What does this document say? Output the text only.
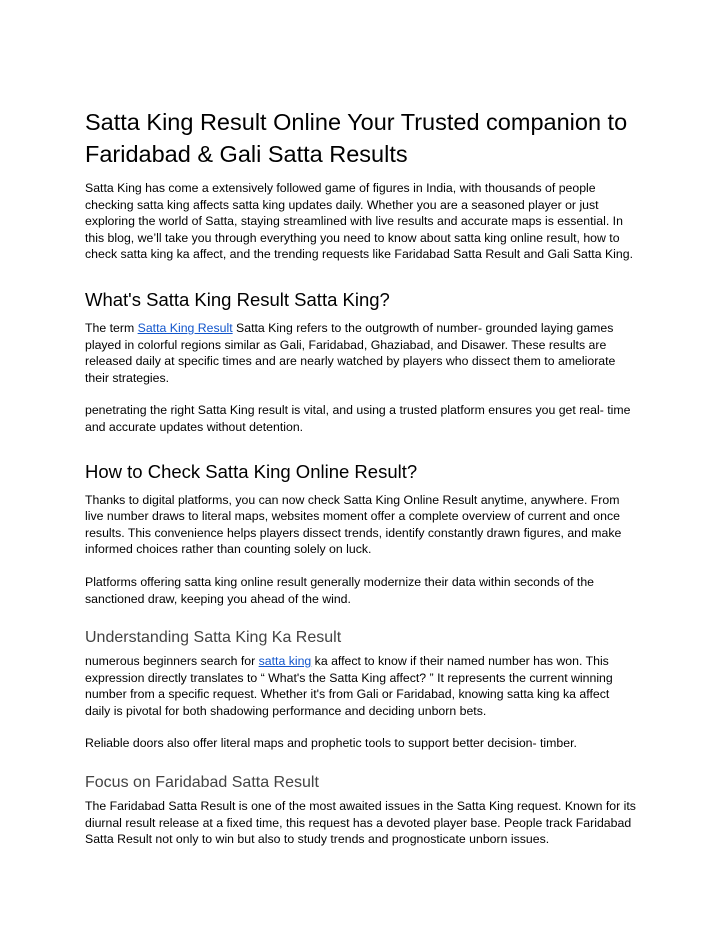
Satta King Result Online Your Trusted companion to Faridabad & Gali Satta Results

Satta King has come a extensively followed game of figures in India, with thousands of people checking satta king affects satta king updates daily. Whether you are a seasoned player or just exploring the world of Satta, staying streamlined with live results and accurate maps is essential. In this blog, we’ll take you through everything you need to know about satta king online result, how to check satta king ka affect, and the trending requests like Faridabad Satta Result and Gali Satta King.

What's Satta King Result Satta King?

The term Satta King Result Satta King refers to the outgrowth of number- grounded laying games played in colorful regions similar as Gali, Faridabad, Ghaziabad, and Disawer. These results are released daily at specific times and are nearly watched by players who dissect them to ameliorate their strategies.

penetrating the right Satta King result is vital, and using a trusted platform ensures you get real- time and accurate updates without detention.

How to Check Satta King Online Result?

Thanks to digital platforms, you can now check Satta King Online Result anytime, anywhere. From live number draws to literal maps, websites moment offer a complete overview of current and once results. This convenience helps players dissect trends, identify constantly drawn figures, and make informed choices rather than counting solely on luck.

Platforms offering satta king online result generally modernize their data within seconds of the sanctioned draw, keeping you ahead of the wind.

Understanding Satta King Ka Result

numerous beginners search for satta king ka affect to know if their named number has won. This expression directly translates to “ What's the Satta King affect? ” It represents the current winning number from a specific request. Whether it's from Gali or Faridabad, knowing satta king ka affect daily is pivotal for both shadowing performance and deciding unborn bets.

Reliable doors also offer literal maps and prophetic tools to support better decision- timber.

Focus on Faridabad Satta Result

The Faridabad Satta Result is one of the most awaited issues in the Satta King request. Known for its diurnal result release at a fixed time, this request has a devoted player base. People track Faridabad Satta Result not only to win but also to study trends and prognosticate unborn issues.
